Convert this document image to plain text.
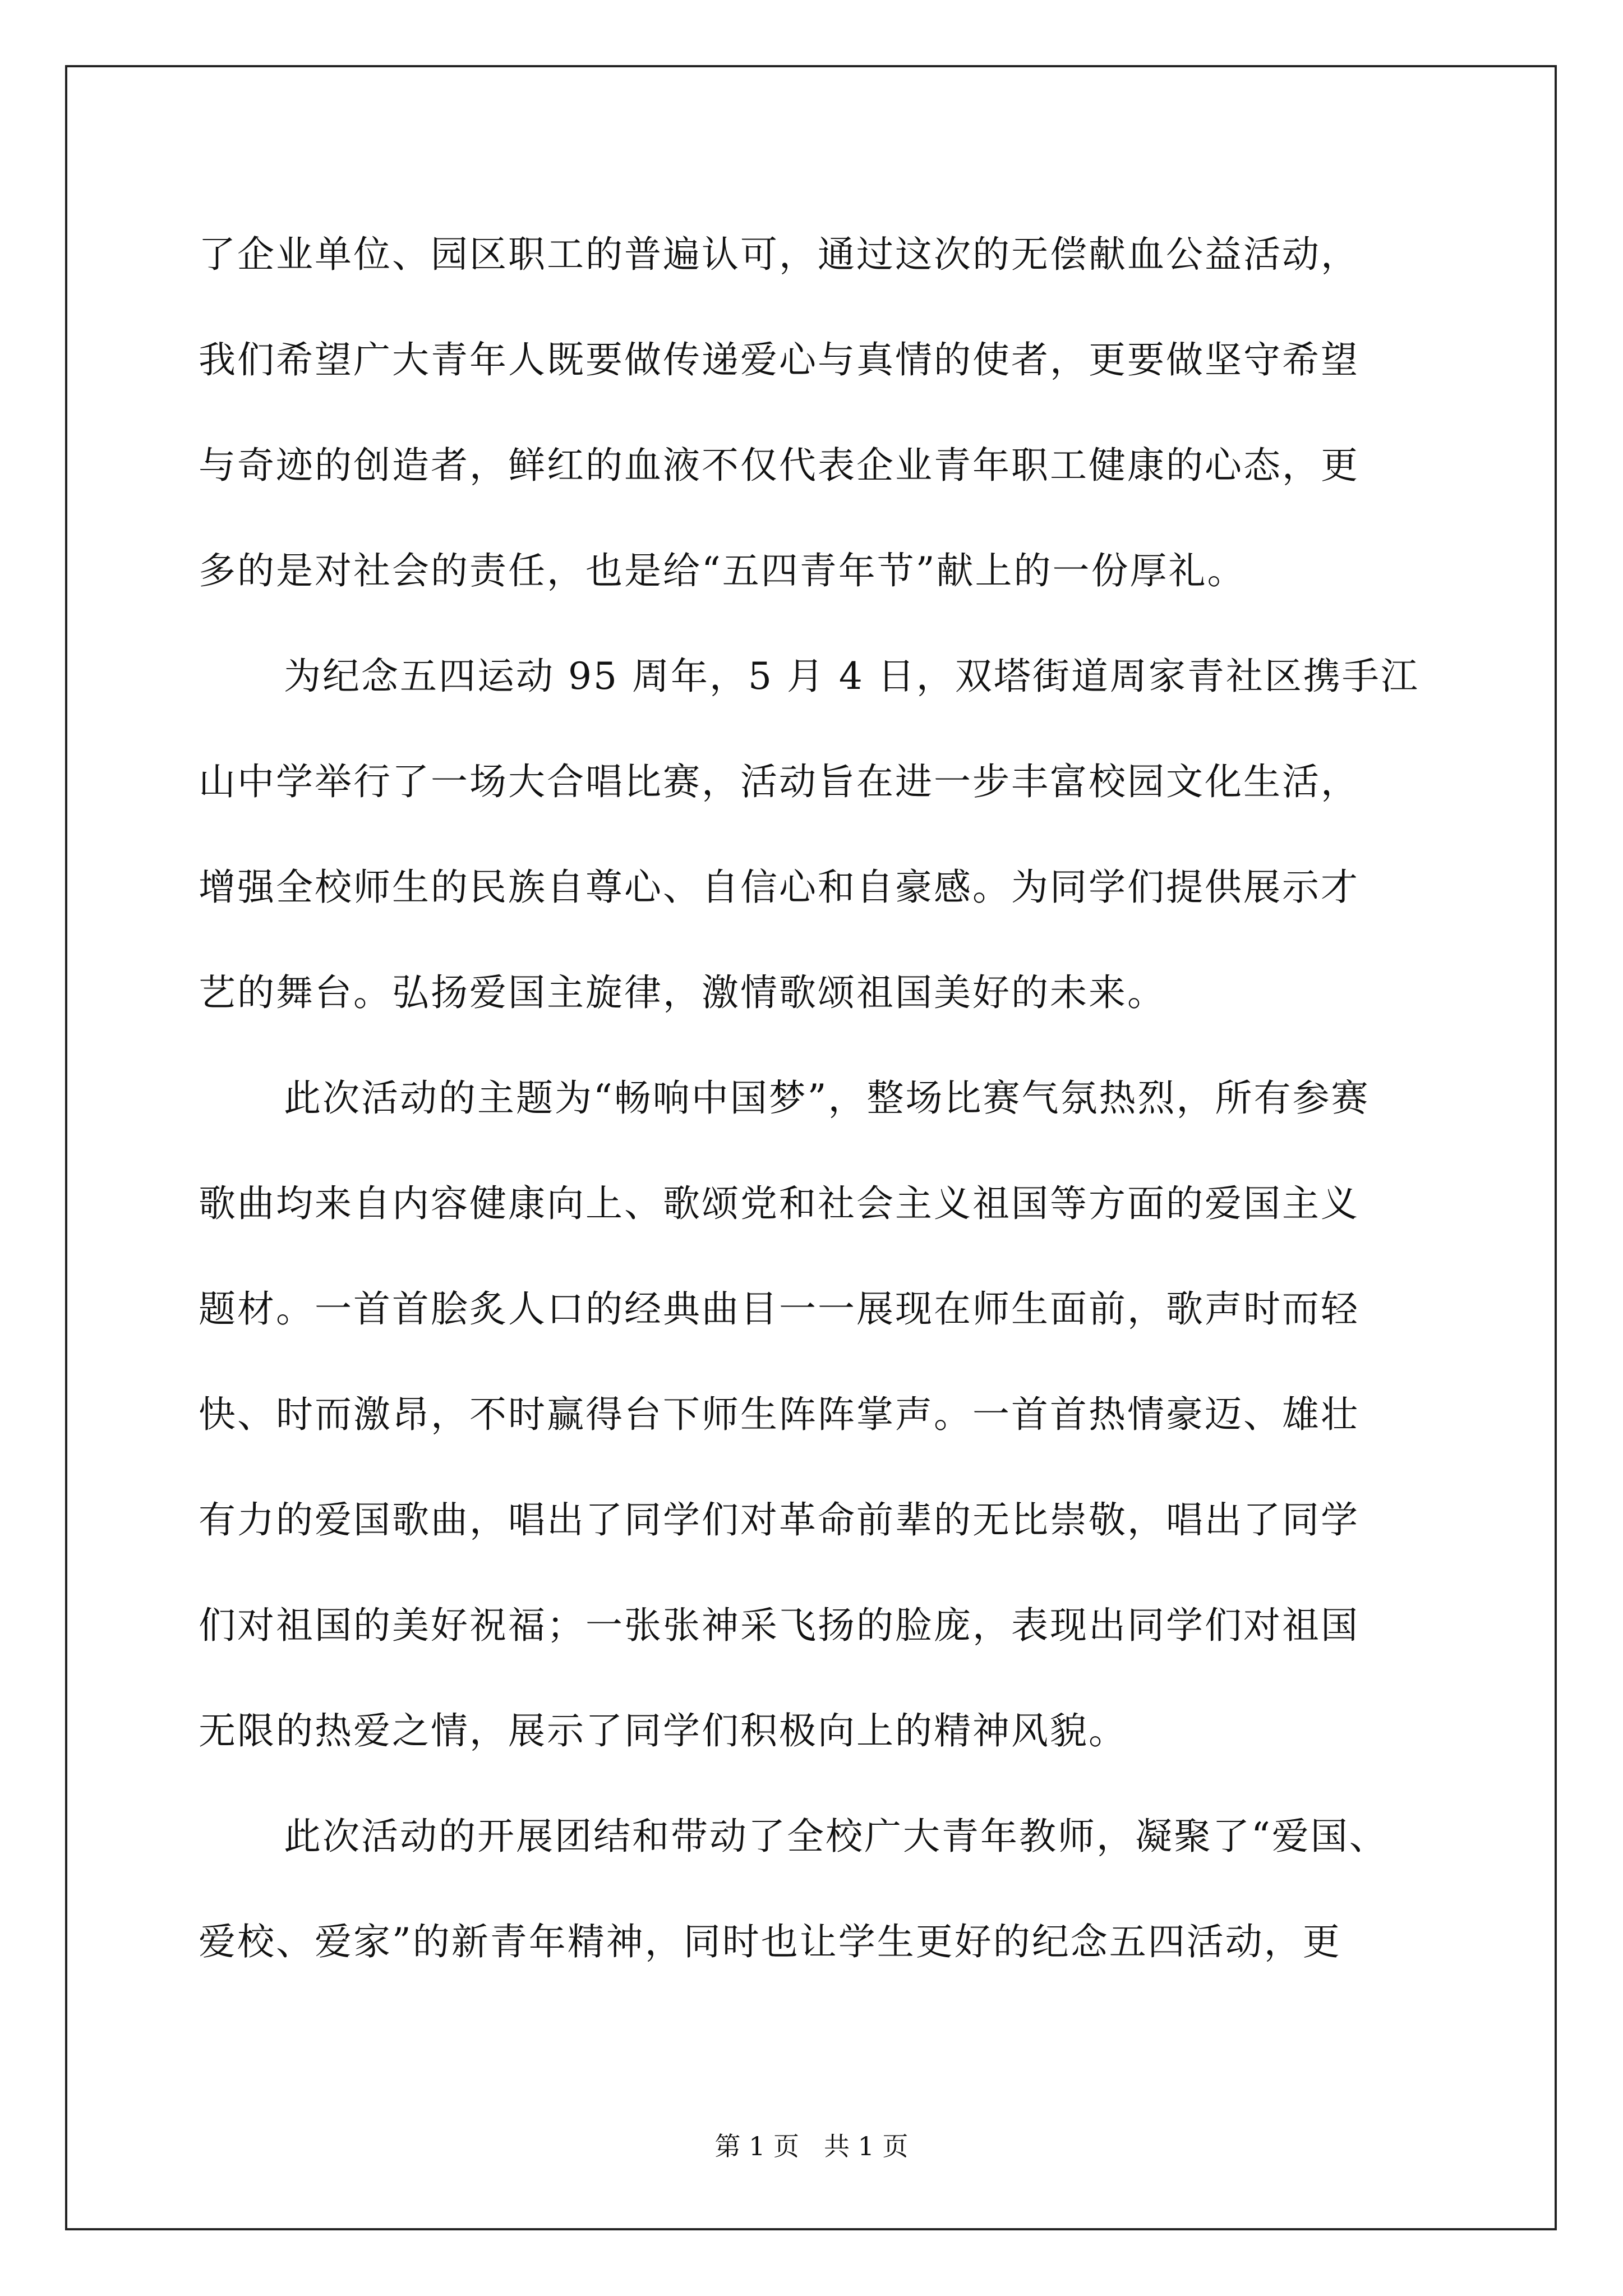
了企业单位、园区职工的普遍认可，通过这次的无偿献血公益活动，
我们希望广大青年人既要做传递爱心与真情的使者，更要做坚守希望
与奇迹的创造者，鲜红的血液不仅代表企业青年职工健康的心态，更
多的是对社会的责任，也是给“五四青年节”献上的一份厚礼。
为纪念五四运动 95 周年，5 月 4 日，双塔街道周家青社区携手江
山中学举行了一场大合唱比赛，活动旨在进一步丰富校园文化生活，
增强全校师生的民族自尊心、自信心和自豪感。为同学们提供展示才
艺的舞台。弘扬爱国主旋律，激情歌颂祖国美好的未来。
此次活动的主题为“畅响中国梦”，整场比赛气氛热烈，所有参赛
歌曲均来自内容健康向上、歌颂党和社会主义祖国等方面的爱国主义
题材。一首首脍炙人口的经典曲目一一展现在师生面前，歌声时而轻
快、时而激昂，不时赢得台下师生阵阵掌声。一首首热情豪迈、雄壮
有力的爱国歌曲，唱出了同学们对革命前辈的无比崇敬，唱出了同学
们对祖国的美好祝福；一张张神采飞扬的脸庞，表现出同学们对祖国
无限的热爱之情，展示了同学们积极向上的精神风貌。
此次活动的开展团结和带动了全校广大青年教师，凝聚了“爱国、
爱校、爱家”的新青年精神，同时也让学生更好的纪念五四活动，更
第 1 页 共 1 页
